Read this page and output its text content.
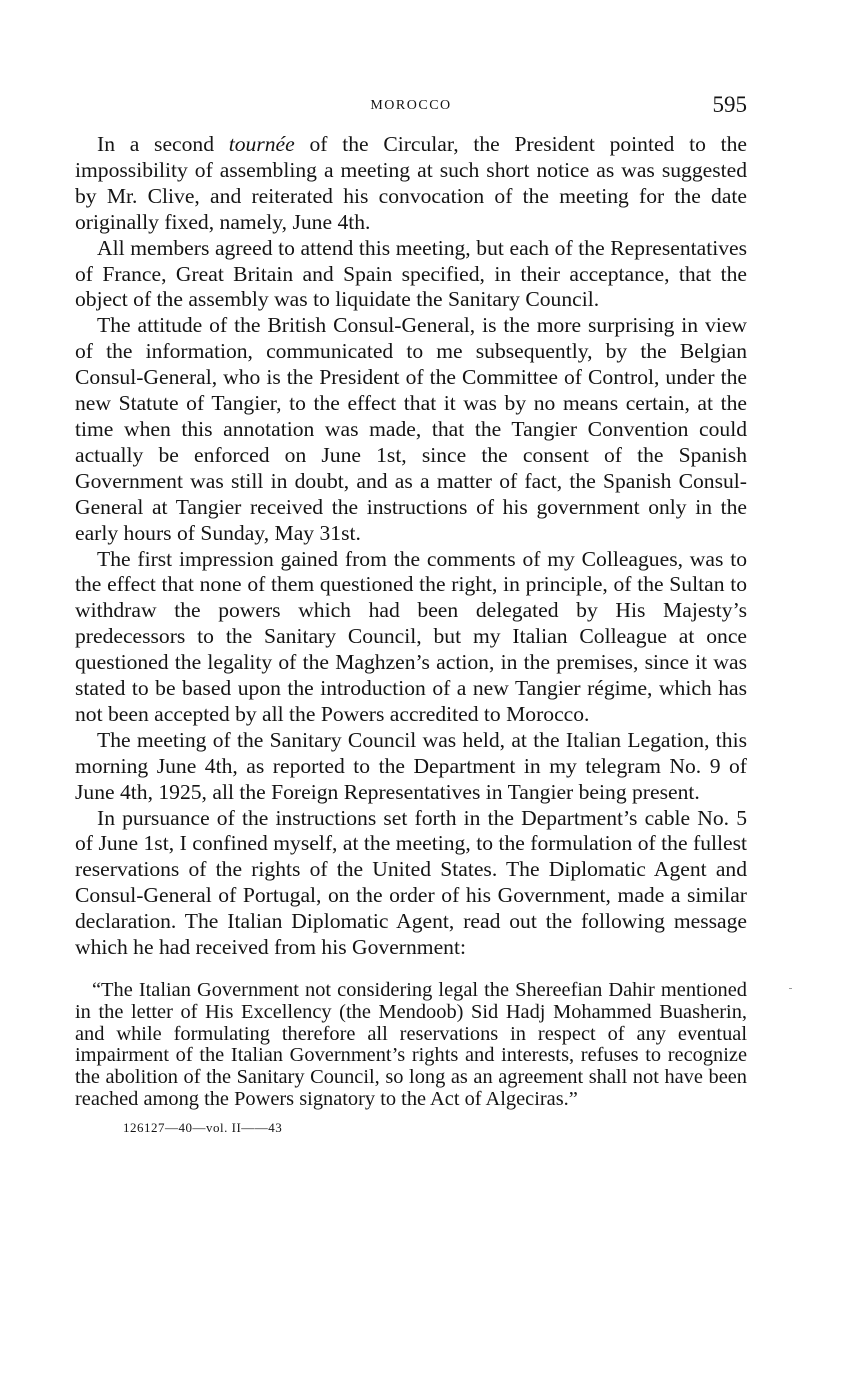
MOROCCO	595

In a second tournée of the Circular, the President pointed to the impossibility of assembling a meeting at such short notice as was suggested by Mr. Clive, and reiterated his convocation of the meeting for the date originally fixed, namely, June 4th.

All members agreed to attend this meeting, but each of the Representatives of France, Great Britain and Spain specified, in their acceptance, that the object of the assembly was to liquidate the Sanitary Council.

The attitude of the British Consul-General, is the more surprising in view of the information, communicated to me subsequently, by the Belgian Consul-General, who is the President of the Committee of Control, under the new Statute of Tangier, to the effect that it was by no means certain, at the time when this annotation was made, that the Tangier Convention could actually be enforced on June 1st, since the consent of the Spanish Government was still in doubt, and as a matter of fact, the Spanish Consul-General at Tangier received the instructions of his government only in the early hours of Sunday, May 31st.

The first impression gained from the comments of my Colleagues, was to the effect that none of them questioned the right, in principle, of the Sultan to withdraw the powers which had been delegated by His Majesty’s predecessors to the Sanitary Council, but my Italian Colleague at once questioned the legality of the Maghzen’s action, in the premises, since it was stated to be based upon the introduction of a new Tangier régime, which has not been accepted by all the Powers accredited to Morocco.

The meeting of the Sanitary Council was held, at the Italian Legation, this morning June 4th, as reported to the Department in my telegram No. 9 of June 4th, 1925, all the Foreign Representatives in Tangier being present.

In pursuance of the instructions set forth in the Department’s cable No. 5 of June 1st, I confined myself, at the meeting, to the formulation of the fullest reservations of the rights of the United States. The Diplomatic Agent and Consul-General of Portugal, on the order of his Government, made a similar declaration. The Italian Diplomatic Agent, read out the following message which he had received from his Government:

“The Italian Government not considering legal the Shereefian Dahir mentioned in the letter of His Excellency (the Mendoob) Sid Hadj Mohammed Buasherin, and while formulating therefore all reservations in respect of any eventual impairment of the Italian Government’s rights and interests, refuses to recognize the abolition of the Sanitary Council, so long as an agreement shall not have been reached among the Powers signatory to the Act of Algeciras.”

126127—40—vol. II——43
